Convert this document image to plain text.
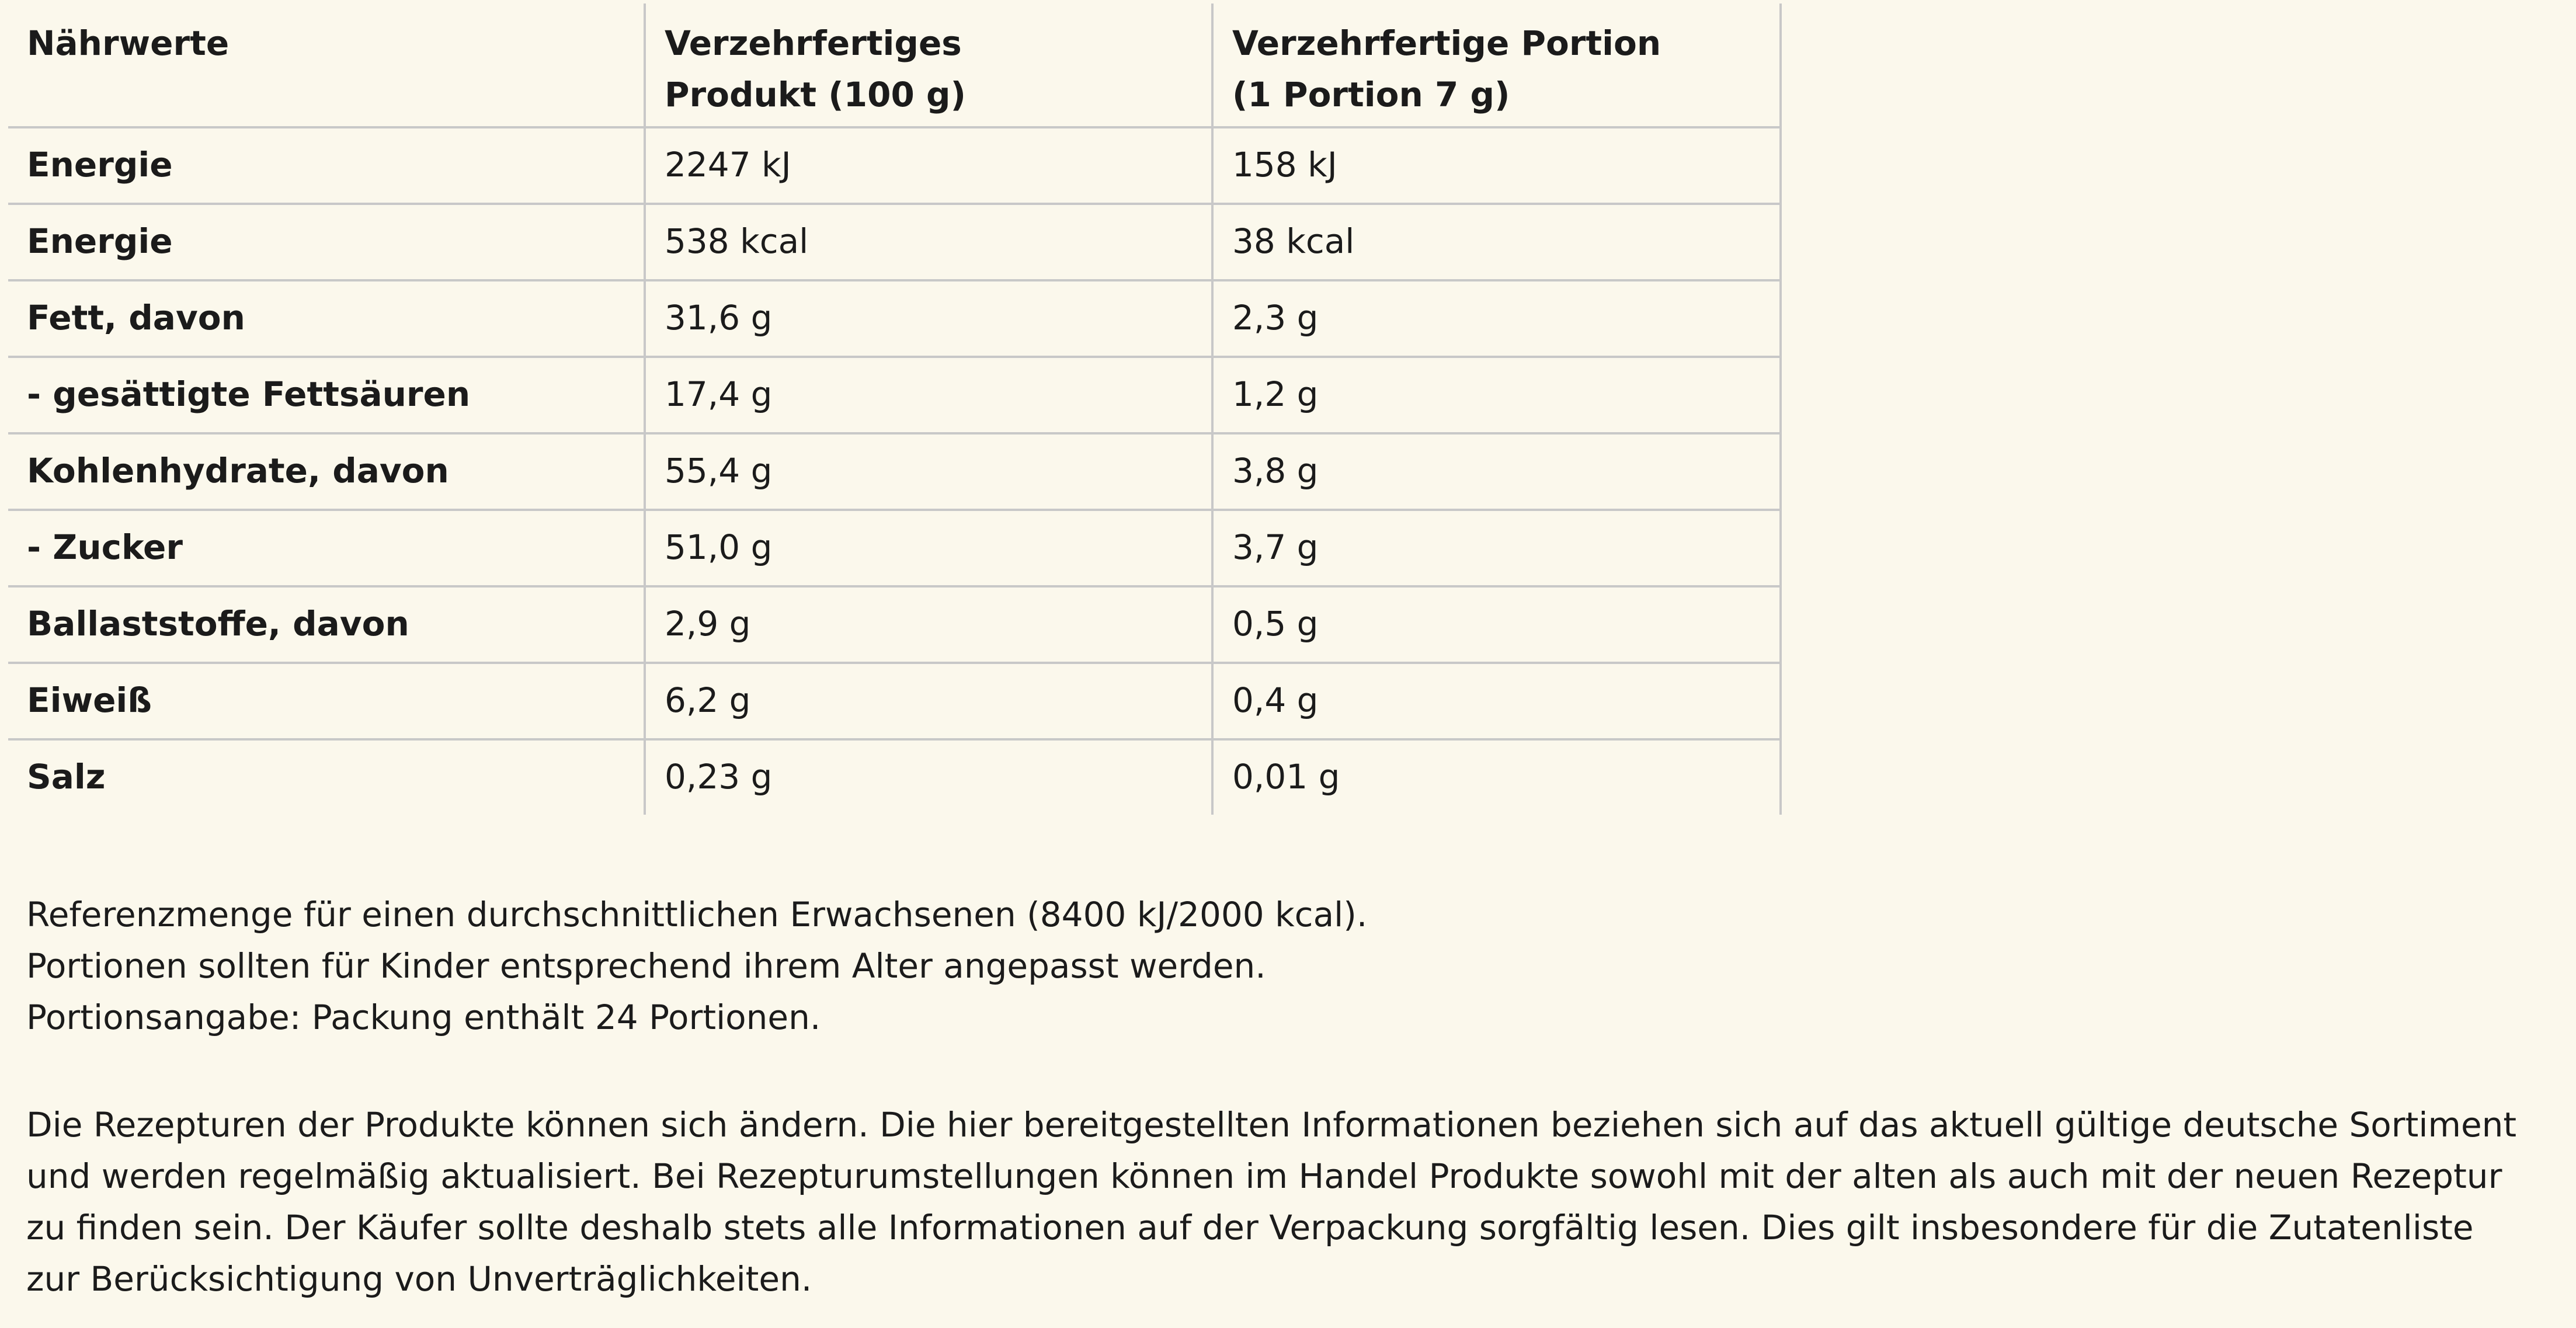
Nährwerte	Verzehrfertiges Produkt (100 g)	Verzehrfertige Portion (1 Portion 7 g)

Energie	2247 kJ	158 kJ
Energie	538 kcal	38 kcal
Fett, davon	31,6 g	2,3 g
- gesättigte Fettsäuren	17,4 g	1,2 g
Kohlenhydrate, davon	55,4 g	3,8 g
- Zucker	51,0 g	3,7 g
Ballaststoffe, davon	2,9 g	0,5 g
Eiweiß	6,2 g	0,4 g
Salz	0,23 g	0,01 g
Referenzmenge für einen durchschnittlichen Erwachsenen (8400 kJ/2000 kcal).
Portionen sollten für Kinder entsprechend ihrem Alter angepasst werden.
Portionsangabe: Packung enthält 24 Portionen.
Die Rezepturen der Produkte können sich ändern. Die hier bereitgestellten Informationen beziehen sich auf das aktuell gültige deutsche Sortiment und werden regelmäßig aktualisiert. Bei Rezepturumstellungen können im Handel Produkte sowohl mit der alten als auch mit der neuen Rezeptur zu finden sein. Der Käufer sollte deshalb stets alle Informationen auf der Verpackung sorgfältig lesen. Dies gilt insbesondere für die Zutatenliste zur Berücksichtigung von Unverträglichkeiten.
